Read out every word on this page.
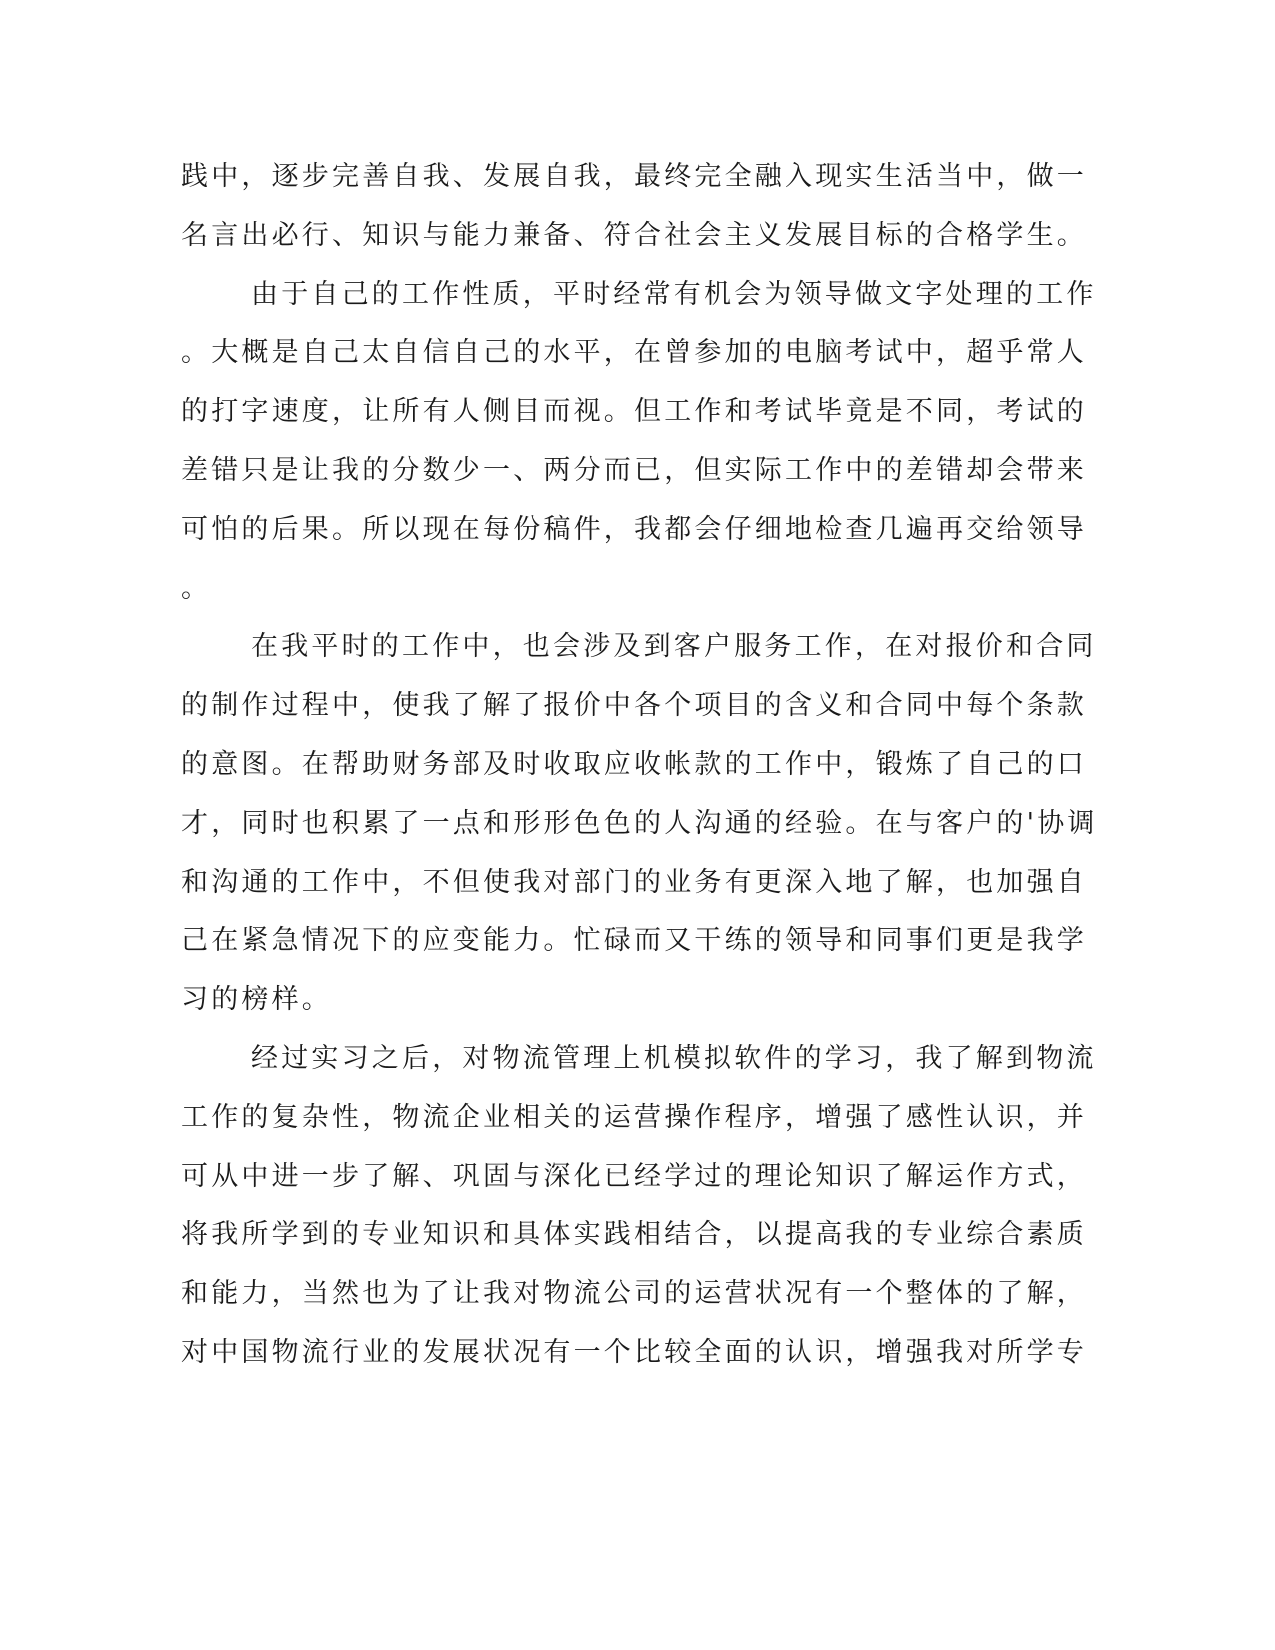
践中，逐步完善自我、发展自我，最终完全融入现实生活当中，做一
名言出必行、知识与能力兼备、符合社会主义发展目标的合格学生。
由于自己的工作性质，平时经常有机会为领导做文字处理的工作
。大概是自己太自信自己的水平，在曾参加的电脑考试中，超乎常人
的打字速度，让所有人侧目而视。但工作和考试毕竟是不同，考试的
差错只是让我的分数少一、两分而已，但实际工作中的差错却会带来
可怕的后果。所以现在每份稿件，我都会仔细地检查几遍再交给领导
。
在我平时的工作中，也会涉及到客户服务工作，在对报价和合同
的制作过程中，使我了解了报价中各个项目的含义和合同中每个条款
的意图。在帮助财务部及时收取应收帐款的工作中，锻炼了自己的口
才，同时也积累了一点和形形色色的人沟通的经验。在与客户的'协调
和沟通的工作中，不但使我对部门的业务有更深入地了解，也加强自
己在紧急情况下的应变能力。忙碌而又干练的领导和同事们更是我学
习的榜样。
经过实习之后，对物流管理上机模拟软件的学习，我了解到物流
工作的复杂性，物流企业相关的运营操作程序，增强了感性认识，并
可从中进一步了解、巩固与深化已经学过的理论知识了解运作方式，
将我所学到的专业知识和具体实践相结合，以提高我的专业综合素质
和能力，当然也为了让我对物流公司的运营状况有一个整体的了解，
对中国物流行业的发展状况有一个比较全面的认识，增强我对所学专
